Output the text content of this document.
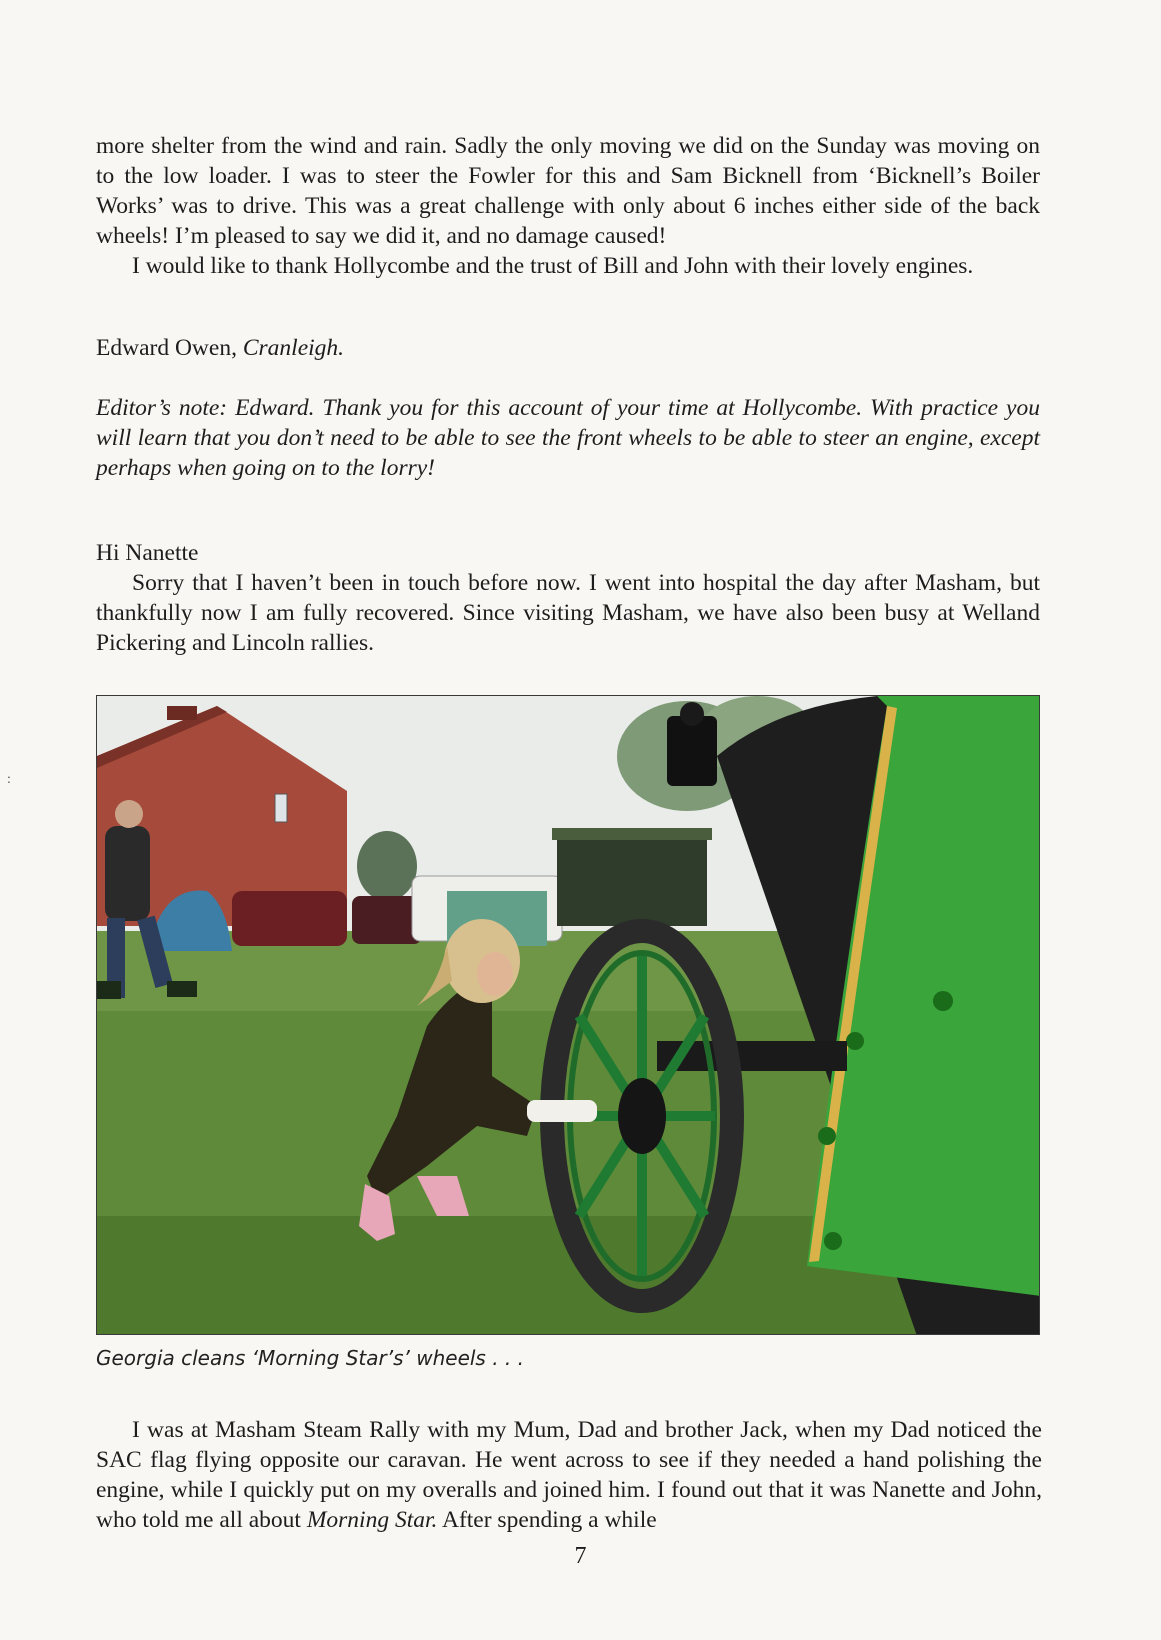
more shelter from the wind and rain. Sadly the only moving we did on the Sunday was moving on to the low loader. I was to steer the Fowler for this and Sam Bicknell from ‘Bicknell’s Boiler Works’ was to drive. This was a great challenge with only about 6 inches either side of the back wheels! I’m pleased to say we did it, and no damage caused!

I would like to thank Hollycombe and the trust of Bill and John with their lovely engines.

Edward Owen, Cranleigh.
Editor’s note: Edward. Thank you for this account of your time at Hollycombe. With practice you will learn that you don’t need to be able to see the front wheels to be able to steer an engine, except perhaps when going on to the lorry!

Hi Nanette

Sorry that I haven’t been in touch before now. I went into hospital the day after Masham, but thankfully now I am fully recovered. Since visiting Masham, we have also been busy at Welland Pickering and Lincoln rallies.

Georgia cleans ‘Morning Star’s’ wheels . . .

I was at Masham Steam Rally with my Mum, Dad and brother Jack, when my Dad noticed the SAC flag flying opposite our caravan. He went across to see if they needed a hand polishing the engine, while I quickly put on my overalls and joined him. I found out that it was Nanette and John, who told me all about Morning Star. After spending a while

7
:
